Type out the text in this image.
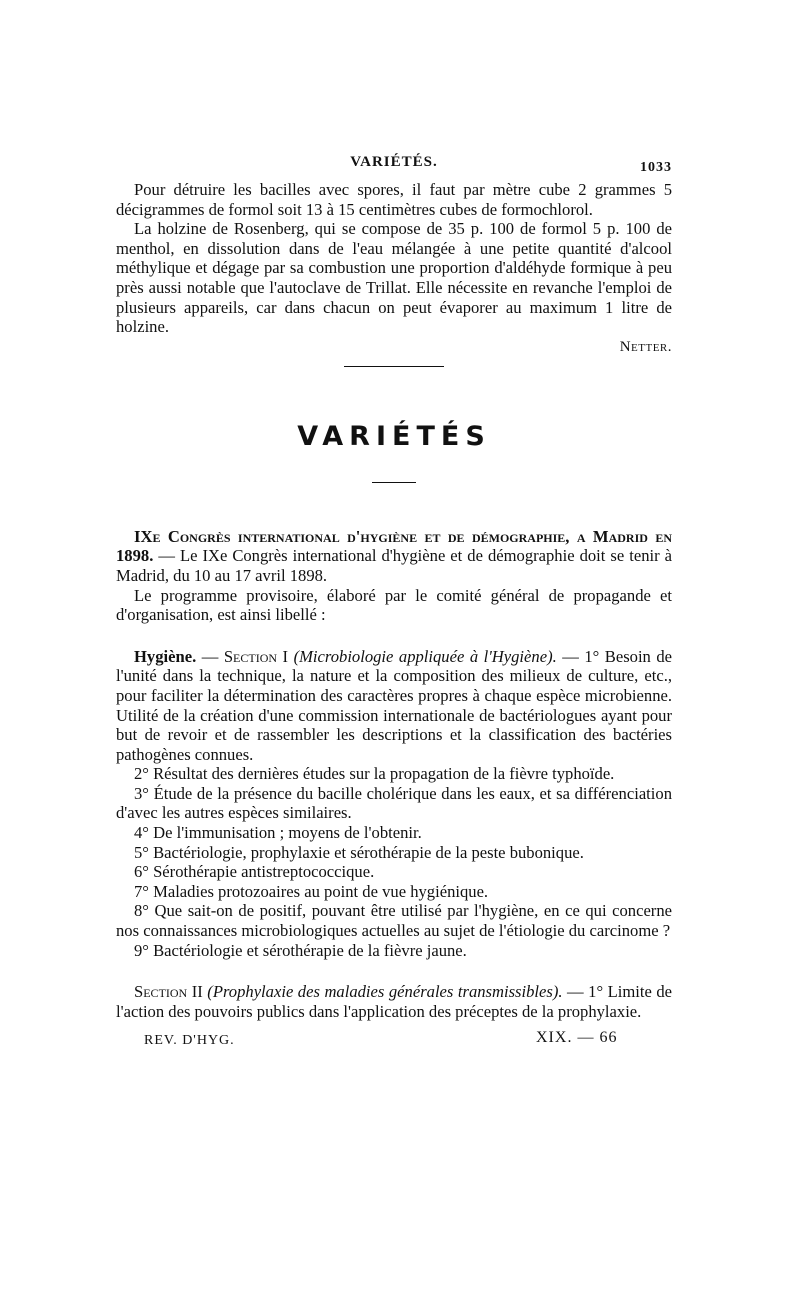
VARIÉTÉS.	1033

Pour détruire les bacilles avec spores, il faut par mètre cube 2 grammes 5 décigrammes de formol soit 13 à 15 centimètres cubes de formochlorol.

La holzine de Rosenberg, qui se compose de 35 p. 100 de formol 5 p. 100 de menthol, en dissolution dans de l'eau mélangée à une petite quantité d'alcool méthylique et dégage par sa combustion une proportion d'aldéhyde formique à peu près aussi notable que l'autoclave de Trillat. Elle nécessite en revanche l'emploi de plusieurs appareils, car dans chacun on peut évaporer au maximum 1 litre de holzine.

Netter.
VARIÉTÉS

IXe Congrès international d'hygiène et de démographie, a Madrid en 1898. — Le IXe Congrès international d'hygiène et de démographie doit se tenir à Madrid, du 10 au 17 avril 1898.

Le programme provisoire, élaboré par le comité général de propagande et d'organisation, est ainsi libellé :

Hygiène. — Section I (Microbiologie appliquée à l'Hygiène). — 1° Besoin de l'unité dans la technique, la nature et la composition des milieux de culture, etc., pour faciliter la détermination des caractères propres à chaque espèce microbienne. Utilité de la création d'une commission internationale de bactériologues ayant pour but de revoir et de rassembler les descriptions et la classification des bactéries pathogènes connues.

2° Résultat des dernières études sur la propagation de la fièvre typhoïde.

3° Étude de la présence du bacille cholérique dans les eaux, et sa différenciation d'avec les autres espèces similaires.

4° De l'immunisation ; moyens de l'obtenir.

5° Bactériologie, prophylaxie et sérothérapie de la peste bubonique.

6° Sérothérapie antistreptococcique.

7° Maladies protozoaires au point de vue hygiénique.

8° Que sait-on de positif, pouvant être utilisé par l'hygiène, en ce qui concerne nos connaissances microbiologiques actuelles au sujet de l'étiologie du carcinome ?

9° Bactériologie et sérothérapie de la fièvre jaune.

Section II (Prophylaxie des maladies générales transmissibles). — 1° Limite de l'action des pouvoirs publics dans l'application des préceptes de la prophylaxie.

REV. D'HYG.	XIX. — 66
